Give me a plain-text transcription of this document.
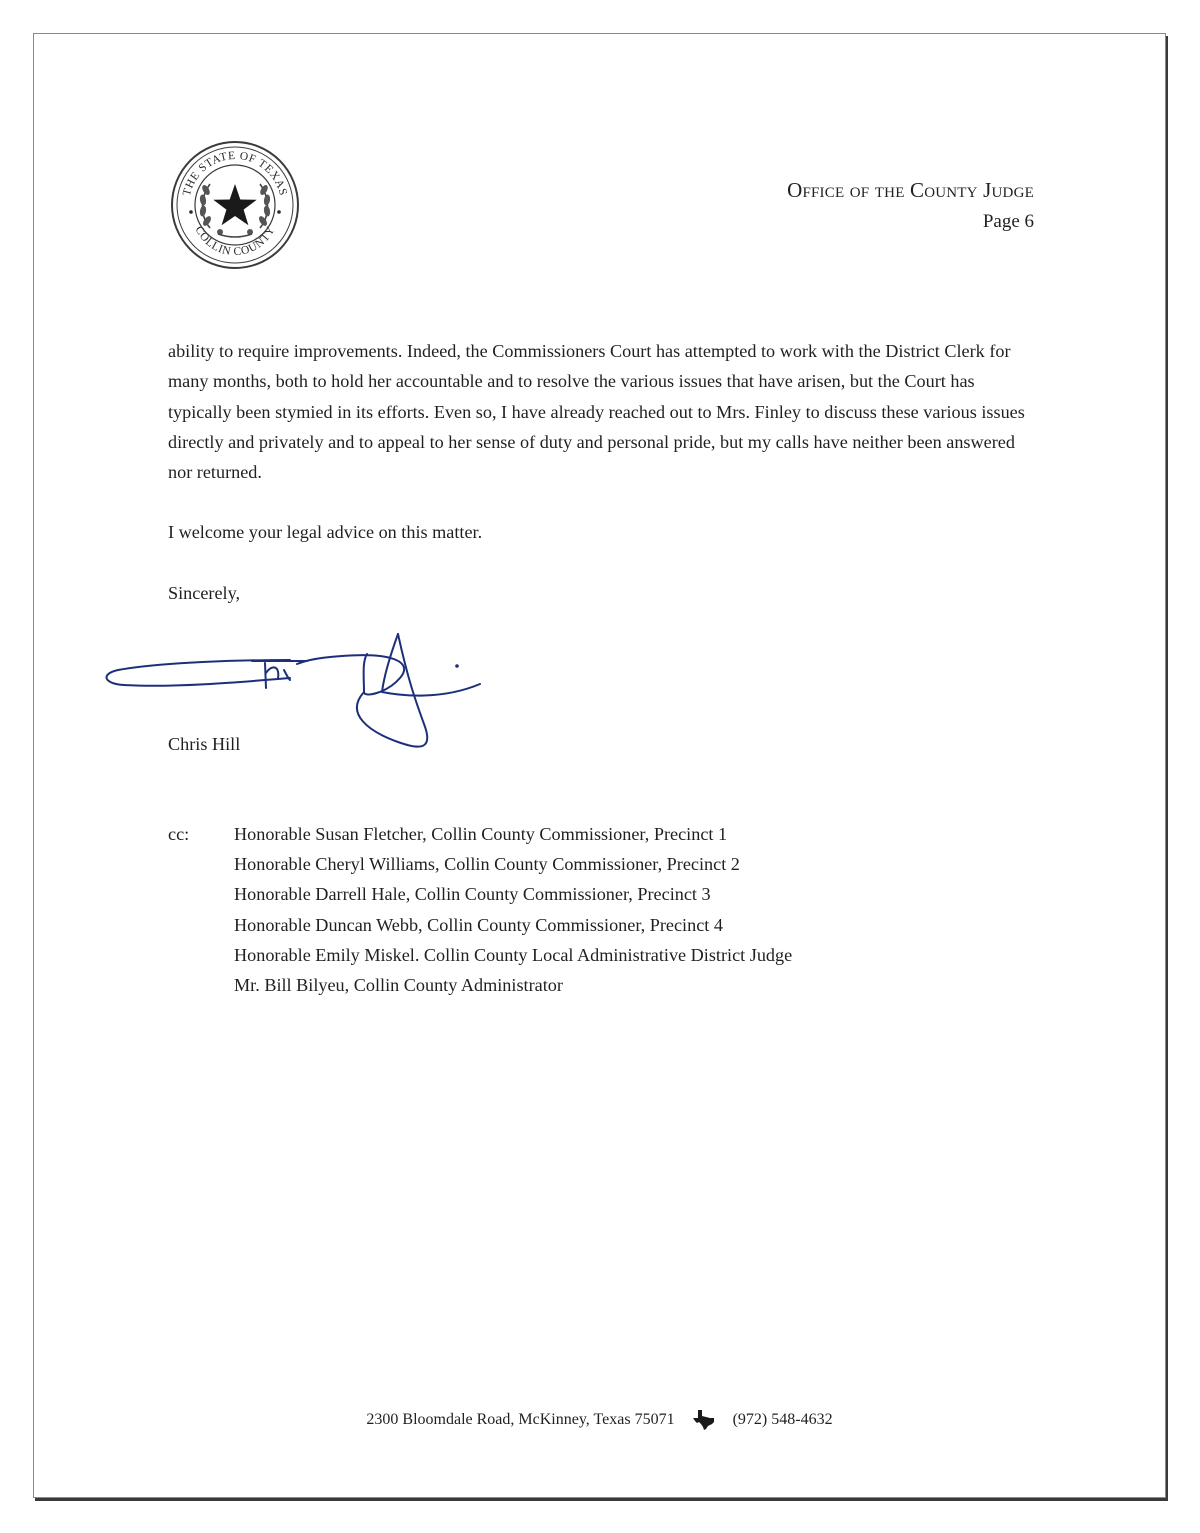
THE STATE OF TEXAS
COLLIN COUNTY
Office of the County Judge
Page 6

ability to require improvements. Indeed, the Commissioners Court has attempted to work with the District Clerk for many months, both to hold her accountable and to resolve the various issues that have arisen, but the Court has typically been stymied in its efforts. Even so, I have already reached out to Mrs. Finley to discuss these various issues directly and privately and to appeal to her sense of duty and personal pride, but my calls have neither been answered nor returned.

I welcome your legal advice on this matter.

Sincerely,

Chris Hill
cc: Honorable Susan Fletcher, Collin County Commissioner, Precinct 1
Honorable Cheryl Williams, Collin County Commissioner, Precinct 2
Honorable Darrell Hale, Collin County Commissioner, Precinct 3
Honorable Duncan Webb, Collin County Commissioner, Precinct 4
Honorable Emily Miskel. Collin County Local Administrative District Judge
Mr. Bill Bilyeu, Collin County Administrator
2300 Bloomdale Road, McKinney, Texas 75071	(972) 548-4632
